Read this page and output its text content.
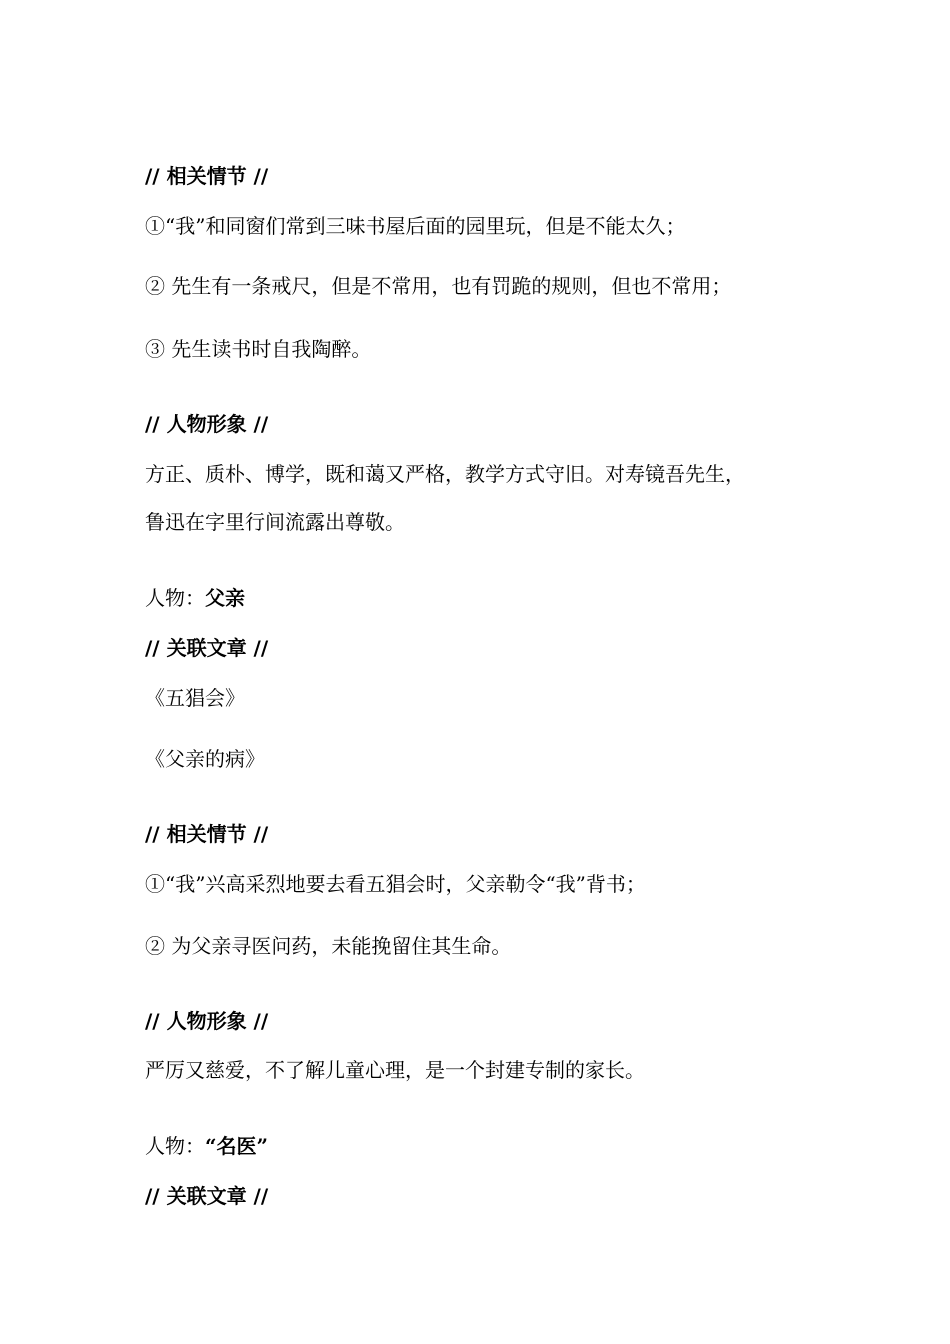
// 相关情节 //
①“我”和同窗们常到三味书屋后面的园里玩，但是不能太久；
② 先生有一条戒尺，但是不常用，也有罚跪的规则，但也不常用；
③ 先生读书时自我陶醉。
// 人物形象 //
方正、质朴、博学，既和蔼又严格，教学方式守旧。对寿镜吾先生，
鲁迅在字里行间流露出尊敬。
人物：父亲
// 关联文章 //
《五猖会》
《父亲的病》
// 相关情节 //
①“我”兴高采烈地要去看五猖会时，父亲勒令“我”背书；
② 为父亲寻医问药，未能挽留住其生命。
// 人物形象 //
严厉又慈爱，不了解儿童心理，是一个封建专制的家长。
人物：“名医”
// 关联文章 //
